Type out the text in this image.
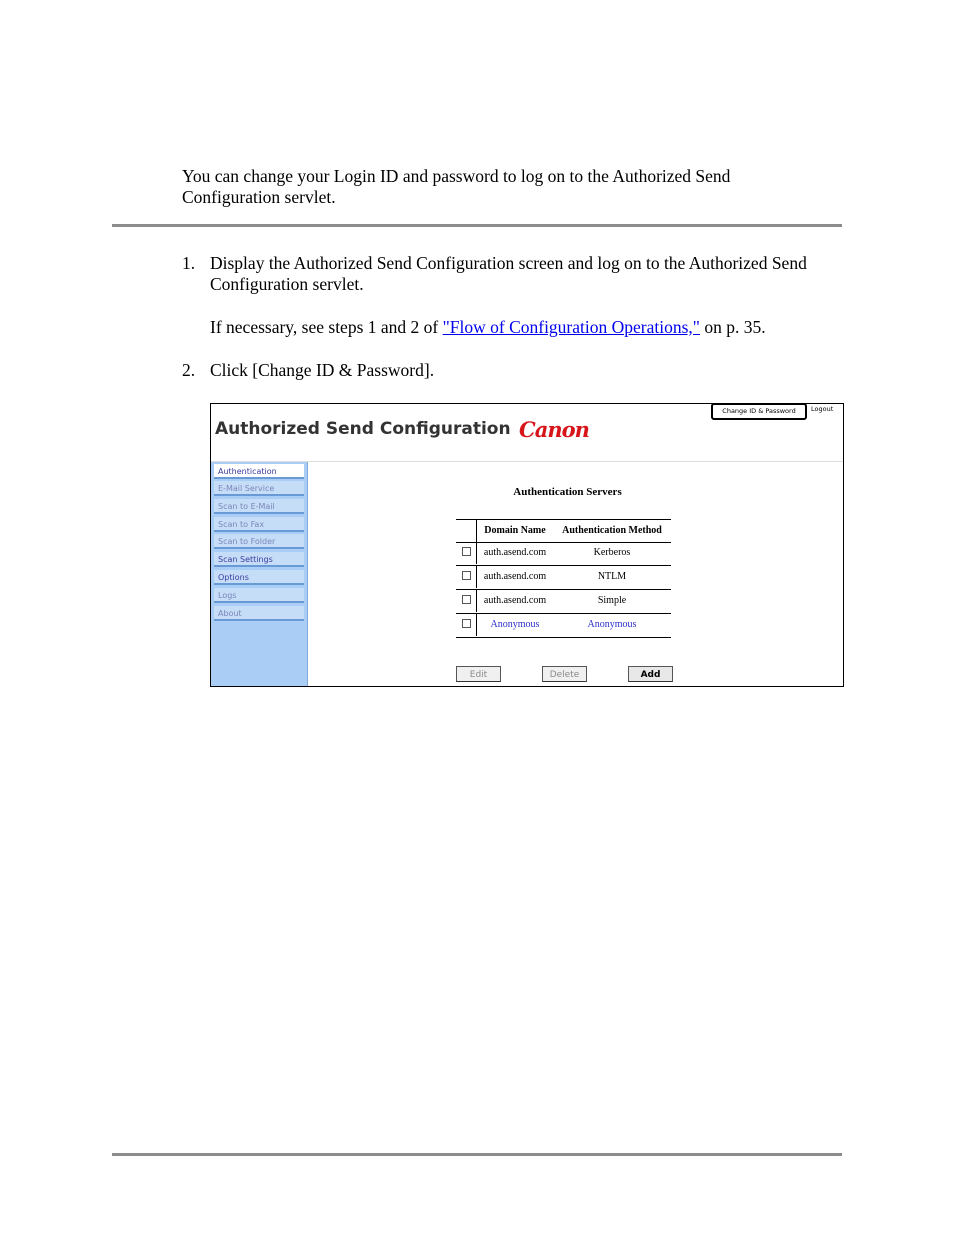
You can change your Login ID and password to log on to the Authorized Send Configuration servlet.
1. Display the Authorized Send Configuration screen and log on to the Authorized Send Configuration servlet.
If necessary, see steps 1 and 2 of "Flow of Configuration Operations," on p. 35.
2. Click [Change ID & Password].
Authorized Send Configuration Canon
Change ID & Password	Logout
Authentication
E-Mail Service
Scan to E-Mail
Scan to Fax
Scan to Folder
Scan Settings
Options
Logs
About
Authentication Servers
Domain Name	Authentication Method
auth.asend.com	Kerberos
auth.asend.com	NTLM
auth.asend.com	Simple
Anonymous	Anonymous
Edit	Delete	Add
